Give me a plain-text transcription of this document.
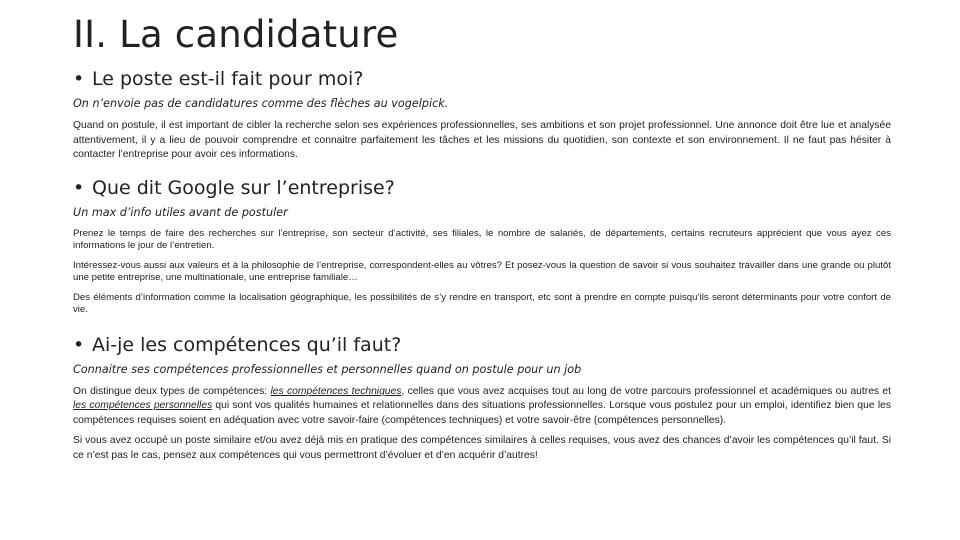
II. La candidature

• Le poste est-il fait pour moi?

On n’envoie pas de candidatures comme des flèches au vogelpick.

Quand on postule, il est important de cibler la recherche selon ses expériences professionnelles, ses ambitions et son projet professionnel. Une annonce doit être lue et analysée attentivement, il y a lieu de pouvoir comprendre et connaitre parfaitement les tâches et les missions du quotidien, son contexte et son environnement. Il ne faut pas hésiter à contacter l’entreprise pour avoir ces informations.

• Que dit Google sur l’entreprise?

Un max d’info utiles avant de postuler

Prenez le temps de faire des recherches sur l’entreprise, son secteur d’activité, ses filiales, le nombre de salariés, de départements, certains recruteurs apprécient que vous ayez ces informations le jour de l’entretien.

Intéressez-vous aussi aux valeurs et à la philosophie de l’entreprise, correspondent-elles au vôtres? Et posez-vous la question de savoir si vous souhaitez travailler dans une grande ou plutôt une petite entreprise, une multinationale, une entreprise familiale…

Des éléments d’information comme la localisation géographique, les possibilités de s’y rendre en transport, etc sont à prendre en compte puisqu’ils seront déterminants pour votre confort de vie.

• Ai-je les compétences qu’il faut?

Connaitre ses compétences professionnelles et personnelles quand on postule pour un job

On distingue deux types de compétences: les compétences techniques, celles que vous avez acquises tout au long de votre parcours professionnel et académiques ou autres et les compétences personnelles qui sont vos qualités humaines et relationnelles dans des situations professionnelles. Lorsque vous postulez pour un emploi, identifiez bien que les compétences requises soient en adéquation avec votre savoir-faire (compétences techniques) et votre savoir-être (compétences personnelles).

Si vous avez occupé un poste similaire et/ou avez déjà mis en pratique des compétences similaires à celles requises, vous avez des chances d’avoir les compétences qu’il faut. Si ce n’est pas le cas, pensez aux compétences qui vous permettront d’évoluer et d’en acquérir d’autres!
